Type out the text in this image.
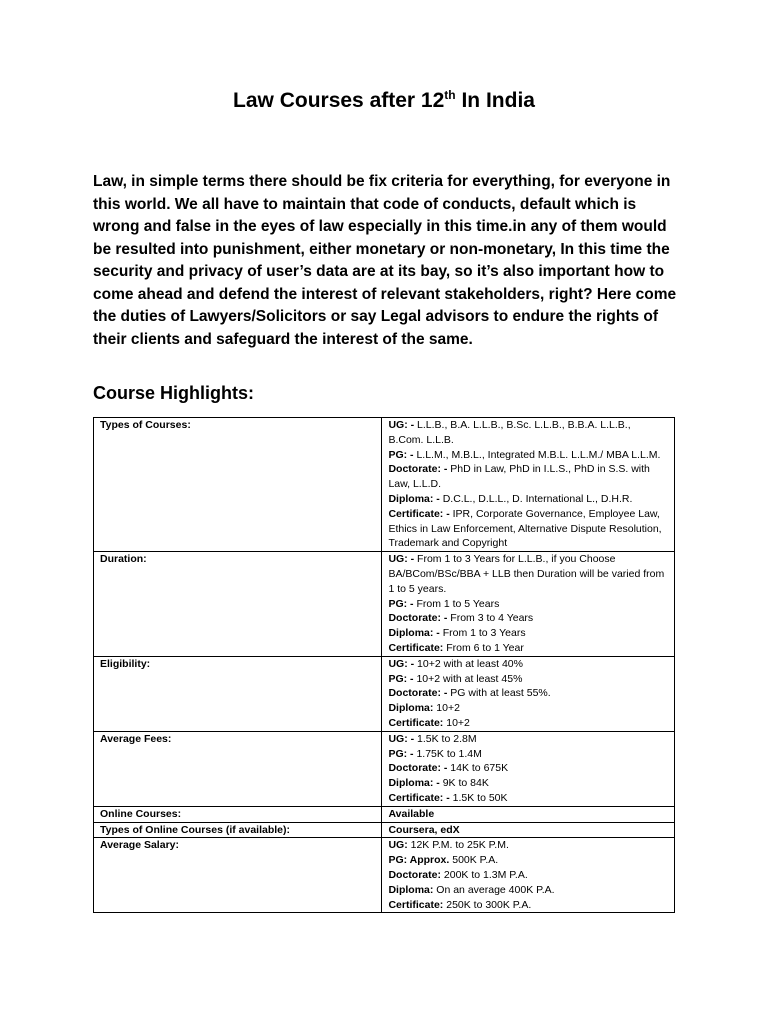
Law Courses after 12th In India

Law, in simple terms there should be fix criteria for everything, for everyone in this world. We all have to maintain that code of conducts, default which is wrong and false in the eyes of law especially in this time.in any of them would be resulted into punishment, either monetary or non-monetary, In this time the security and privacy of user’s data are at its bay, so it’s also important how to come ahead and defend the interest of relevant stakeholders, right? Here come the duties of Lawyers/Solicitors or say Legal advisors to endure the rights of their clients and safeguard the interest of the same.

Course Highlights:
Types of Courses:	UG: - L.L.B., B.A. L.L.B., B.Sc. L.L.B., B.B.A. L.L.B., B.Com. L.L.B.
PG: - L.L.M., M.B.L., Integrated M.B.L. L.L.M./ MBA L.L.M.
Doctorate: - PhD in Law, PhD in I.L.S., PhD in S.S. with Law, L.L.D.
Diploma: - D.C.L., D.L.L., D. International L., D.H.R.
Certificate: - IPR, Corporate Governance, Employee Law, Ethics in Law Enforcement, Alternative Dispute Resolution, Trademark and Copyright

Duration:	UG: - From 1 to 3 Years for L.L.B., if you Choose BA/BCom/BSc/BBA + LLB then Duration will be varied from 1 to 5 years.
PG: - From 1 to 5 Years
Doctorate: - From 3 to 4 Years
Diploma: - From 1 to 3 Years
Certificate: From 6 to 1 Year

Eligibility:	UG: - 10+2 with at least 40%
PG: - 10+2 with at least 45%
Doctorate: - PG with at least 55%.
Diploma: 10+2
Certificate: 10+2

Average Fees:	UG: - 1.5K to 2.8M
PG: - 1.75K to 1.4M
Doctorate: - 14K to 675K
Diploma: - 9K to 84K
Certificate: - 1.5K to 50K

Online Courses:	Available

Types of Online Courses (if available):	Coursera, edX

Average Salary:	UG: 12K P.M. to 25K P.M.
PG: Approx. 500K P.A.
Doctorate: 200K to 1.3M P.A.
Diploma: On an average 400K P.A.
Certificate: 250K to 300K P.A.
